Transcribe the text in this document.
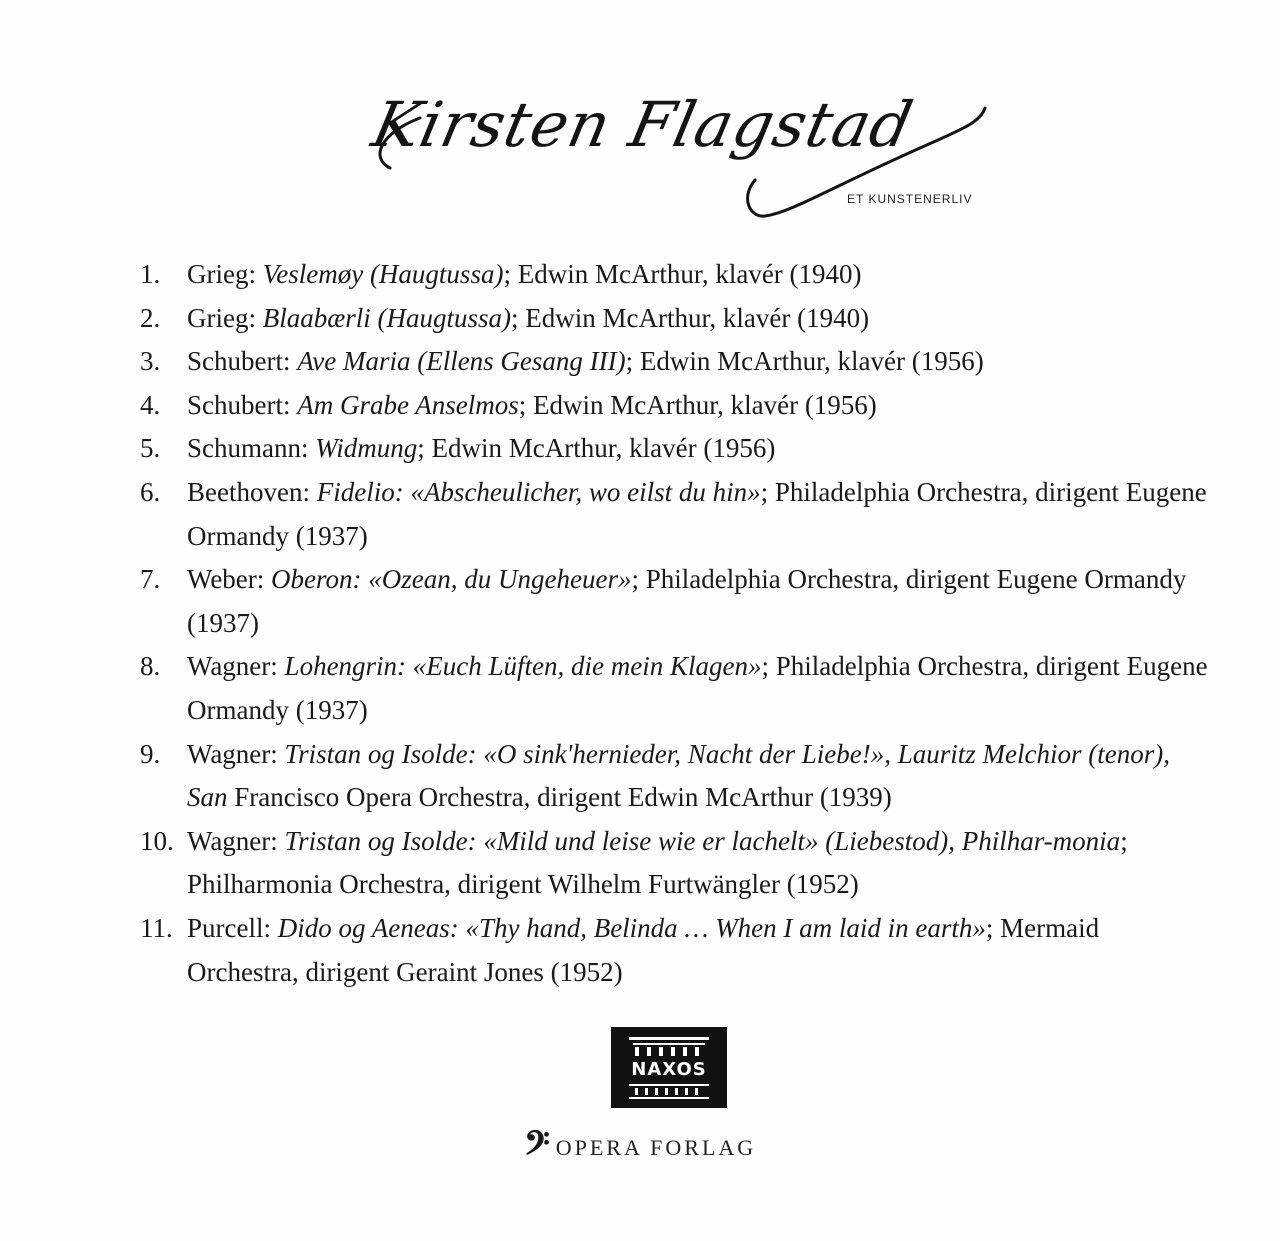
Kirsten Flagstad
ET KUNSTENERLIV
1. Grieg: Veslemøy (Haugtussa); Edwin McArthur, klavér (1940)
2. Grieg: Blaabærli (Haugtussa); Edwin McArthur, klavér (1940)
3. Schubert: Ave Maria (Ellens Gesang III); Edwin McArthur, klavér (1956)
4. Schubert: Am Grabe Anselmos; Edwin McArthur, klavér (1956)
5. Schumann: Widmung; Edwin McArthur, klavér (1956)
6. Beethoven: Fidelio: «Abscheulicher, wo eilst du hin»; Philadelphia Orchestra, dirigent Eugene Ormandy (1937)
7. Weber: Oberon: «Ozean, du Ungeheuer»; Philadelphia Orchestra, dirigent Eugene Ormandy (1937)
8. Wagner: Lohengrin: «Euch Lüften, die mein Klagen»; Philadelphia Orchestra, dirigent Eugene Ormandy (1937)
9. Wagner: Tristan og Isolde: «O sink'hernieder, Nacht der Liebe!», Lauritz Melchior (tenor), San Francisco Opera Orchestra, dirigent Edwin McArthur (1939)
10. Wagner: Tristan og Isolde: «Mild und leise wie er lachelt» (Liebestod), Philhar-monia; Philharmonia Orchestra, dirigent Wilhelm Furtwängler (1952)
11. Purcell: Dido og Aeneas: «Thy hand, Belinda … When I am laid in earth»; Mermaid Orchestra, dirigent Geraint Jones (1952)
NAXOS
𝄢 OPERA FORLAG
